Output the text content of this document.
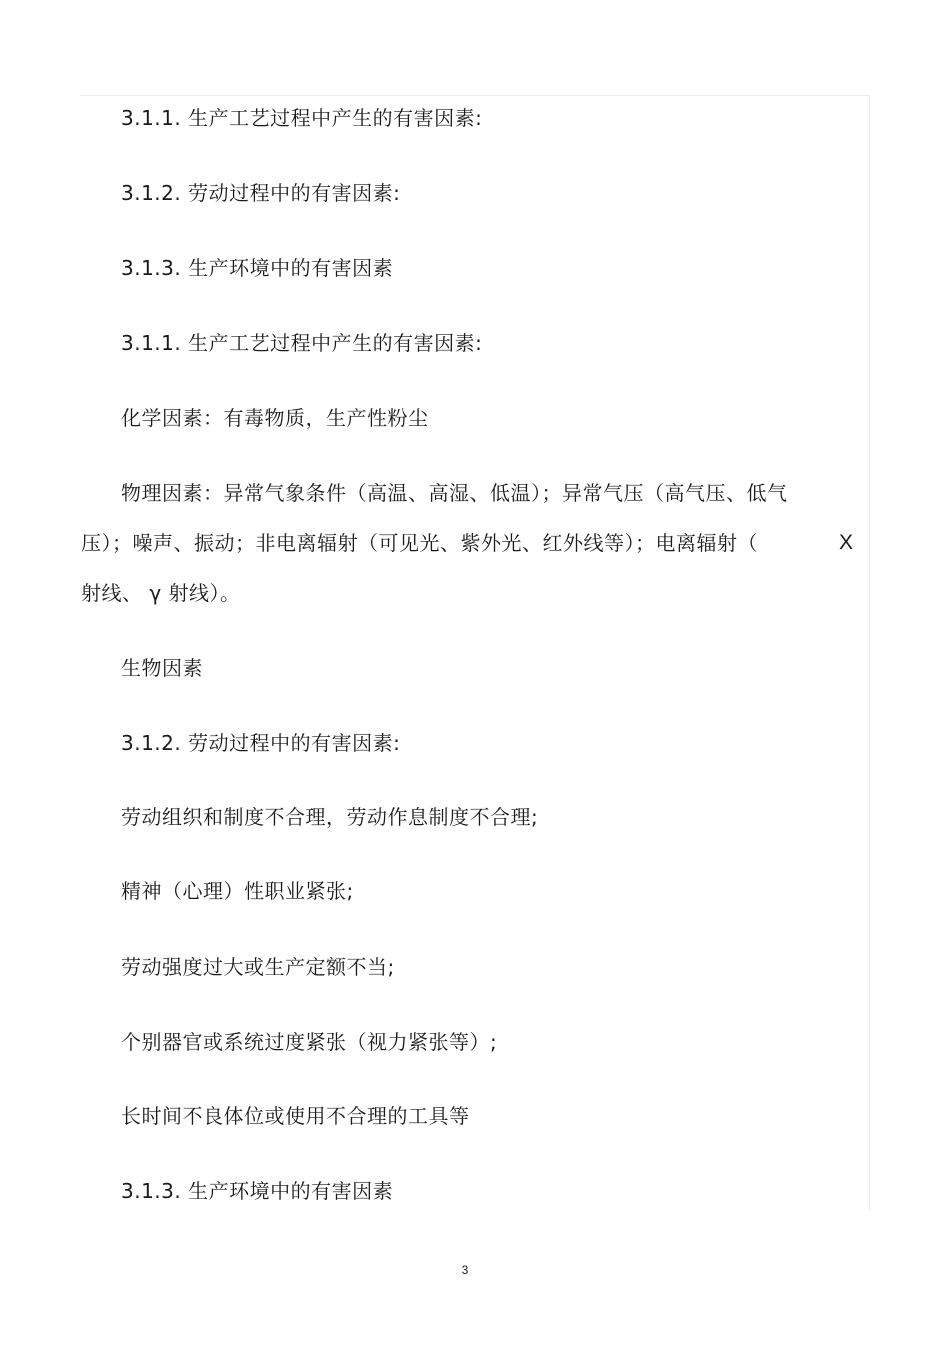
3.1.1. 生产工艺过程中产生的有害因素:
3.1.2. 劳动过程中的有害因素:
3.1.3. 生产环境中的有害因素
3.1.1. 生产工艺过程中产生的有害因素:
化学因素：有毒物质，生产性粉尘
物理因素：异常气象条件（高温、高湿、低温）；异常气压（高气压、低气
压）；噪声、振动；非电离辐射（可见光、紫外光、红外线等）；电离辐射（	X
射线、 γ 射线）。
生物因素
3.1.2. 劳动过程中的有害因素:
劳动组织和制度不合理，劳动作息制度不合理;
精神（心理）性职业紧张;
劳动强度过大或生产定额不当;
个别器官或系统过度紧张（视力紧张等）;
长时间不良体位或使用不合理的工具等
3.1.3. 生产环境中的有害因素
3
